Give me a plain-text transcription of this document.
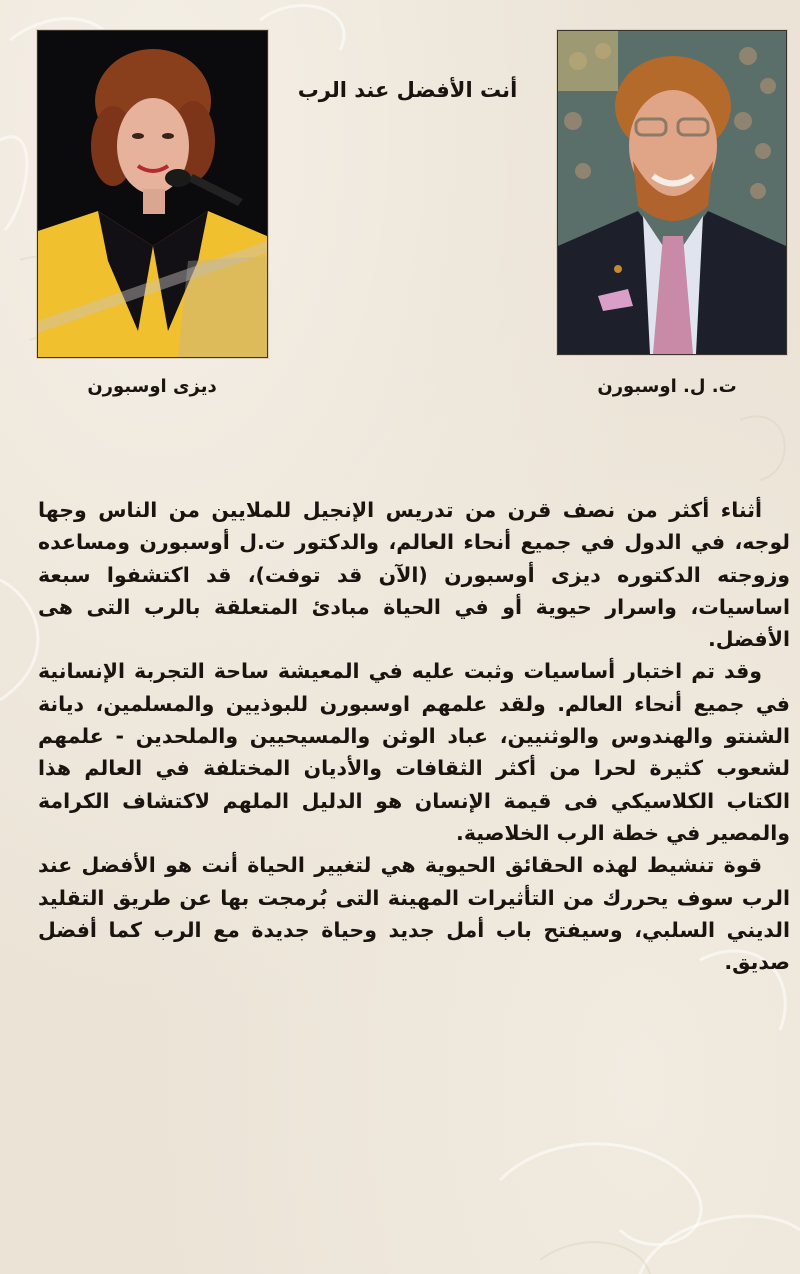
أنت الأفضل عند الرب
ديزى اوسبورن	ت. ل. اوسبورن

أثناء أكثر من نصف قرن من تدريس الإنجيل للملايين من الناس وجها لوجه، في الدول في جميع أنحاء العالم، والدكتور ت.ل أوسبورن ومساعده وزوجته الدكتوره ديزى أوسبورن (الآن قد توفت)، قد اكتشفوا سبعة اساسيات، واسرار حيوية أو في الحياة مبادئ المتعلقة بالرب التى هى الأفضل.

وقد تم اختبار أساسيات وثبت عليه في المعيشة ساحة التجربة الإنسانية في جميع أنحاء العالم. ولقد علمهم اوسبورن للبوذيين والمسلمين، ديانة الشنتو والهندوس والوثنيين، عباد الوثن والمسيحيين والملحدين - علمهم لشعوب كثيرة لحرا من أكثر الثقافات والأديان المختلفة في العالم هذا الكتاب الكلاسيكي فى قيمة الإنسان هو الدليل الملهم لاكتشاف الكرامة والمصير في خطة الرب الخلاصية.

قوة تنشيط لهذه الحقائق الحيوية هي لتغيير الحياة أنت هو الأفضل عند الرب سوف يحررك من التأثيرات المهينة التى بُرمجت بها عن طريق التقليد الديني السلبي، وسيفتح باب أمل جديد وحياة جديدة مع الرب كما أفضل صديق.
